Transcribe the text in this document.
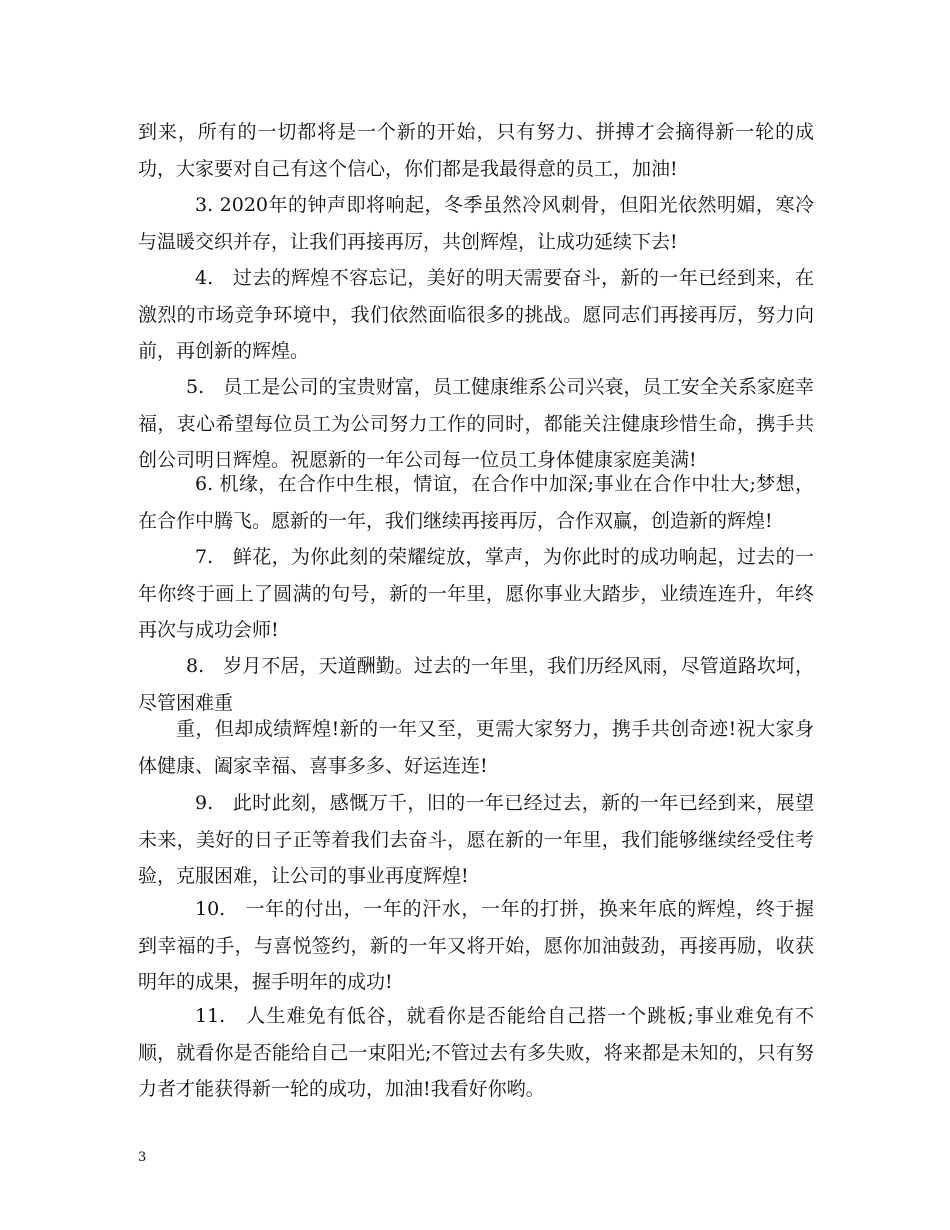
到来，所有的一切都将是一个新的开始，只有努力、拼搏才会摘得新一轮的成功，大家要对自己有这个信心，你们都是我最得意的员工，加油!

3. 2020年的钟声即将响起，冬季虽然冷风刺骨，但阳光依然明媚，寒冷与温暖交织并存，让我们再接再厉，共创辉煌，让成功延续下去!

4.　过去的辉煌不容忘记，美好的明天需要奋斗，新的一年已经到来，在激烈的市场竞争环境中，我们依然面临很多的挑战。愿同志们再接再厉，努力向前，再创新的辉煌。

5.　员工是公司的宝贵财富，员工健康维系公司兴衰，员工安全关系家庭幸福，衷心希望每位员工为公司努力工作的同时，都能关注健康珍惜生命，携手共创公司明日辉煌。祝愿新的一年公司每一位员工身体健康家庭美满!

6. 机缘，在合作中生根，情谊，在合作中加深;事业在合作中壮大;梦想，在合作中腾飞。愿新的一年，我们继续再接再厉，合作双赢，创造新的辉煌!

7.　鲜花，为你此刻的荣耀绽放，掌声，为你此时的成功响起，过去的一年你终于画上了圆满的句号，新的一年里，愿你事业大踏步，业绩连连升，年终再次与成功会师!

8.　岁月不居，天道酬勤。过去的一年里，我们历经风雨，尽管道路坎坷，尽管困难重

重，但却成绩辉煌!新的一年又至，更需大家努力，携手共创奇迹!祝大家身体健康、阖家幸福、喜事多多、好运连连!

9.　此时此刻，感慨万千，旧的一年已经过去，新的一年已经到来，展望未来，美好的日子正等着我们去奋斗，愿在新的一年里，我们能够继续经受住考验，克服困难，让公司的事业再度辉煌!

10.　一年的付出，一年的汗水，一年的打拼，换来年底的辉煌，终于握到幸福的手，与喜悦签约，新的一年又将开始，愿你加油鼓劲，再接再励，收获明年的成果，握手明年的成功!

11.　人生难免有低谷，就看你是否能给自己搭一个跳板;事业难免有不顺，就看你是否能给自己一束阳光;不管过去有多失败，将来都是未知的，只有努力者才能获得新一轮的成功，加油!我看好你哟。

3
